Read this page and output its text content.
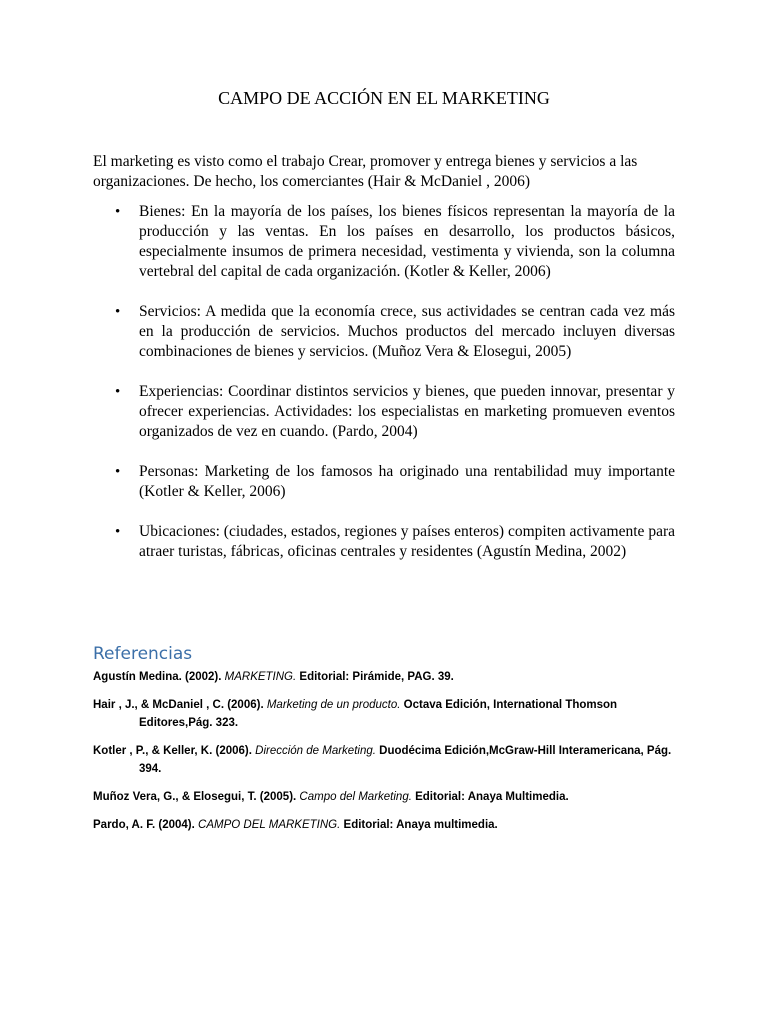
CAMPO DE ACCIÓN EN EL MARKETING

El marketing es visto como el trabajo Crear, promover y entrega bienes y servicios a las organizaciones. De hecho, los comerciantes (Hair & McDaniel , 2006)

• Bienes: En la mayoría de los países, los bienes físicos representan la mayoría de la producción y las ventas. En los países en desarrollo, los productos básicos, especialmente insumos de primera necesidad, vestimenta y vivienda, son la columna vertebral del capital de cada organización. (Kotler & Keller, 2006)
• Servicios: A medida que la economía crece, sus actividades se centran cada vez más en la producción de servicios. Muchos productos del mercado incluyen diversas combinaciones de bienes y servicios. (Muñoz Vera & Elosegui, 2005)
• Experiencias: Coordinar distintos servicios y bienes, que pueden innovar, presentar y ofrecer experiencias. Actividades: los especialistas en marketing promueven eventos organizados de vez en cuando. (Pardo, 2004)
• Personas: Marketing de los famosos ha originado una rentabilidad muy importante (Kotler & Keller, 2006)
• Ubicaciones: (ciudades, estados, regiones y países enteros) compiten activamente para atraer turistas, fábricas, oficinas centrales y residentes (Agustín Medina, 2002)
Referencias

Agustín Medina. (2002). MARKETING. Editorial: Pirámide, PAG. 39.

Hair , J., & McDaniel , C. (2006). Marketing de un producto. Octava Edición, International Thomson Editores,Pág. 323.

Kotler , P., & Keller, K. (2006). Dirección de Marketing. Duodécima Edición,McGraw-Hill Interamericana, Pág. 394.

Muñoz Vera, G., & Elosegui, T. (2005). Campo del Marketing. Editorial: Anaya Multimedia.

Pardo, A. F. (2004). CAMPO DEL MARKETING. Editorial: Anaya multimedia.
